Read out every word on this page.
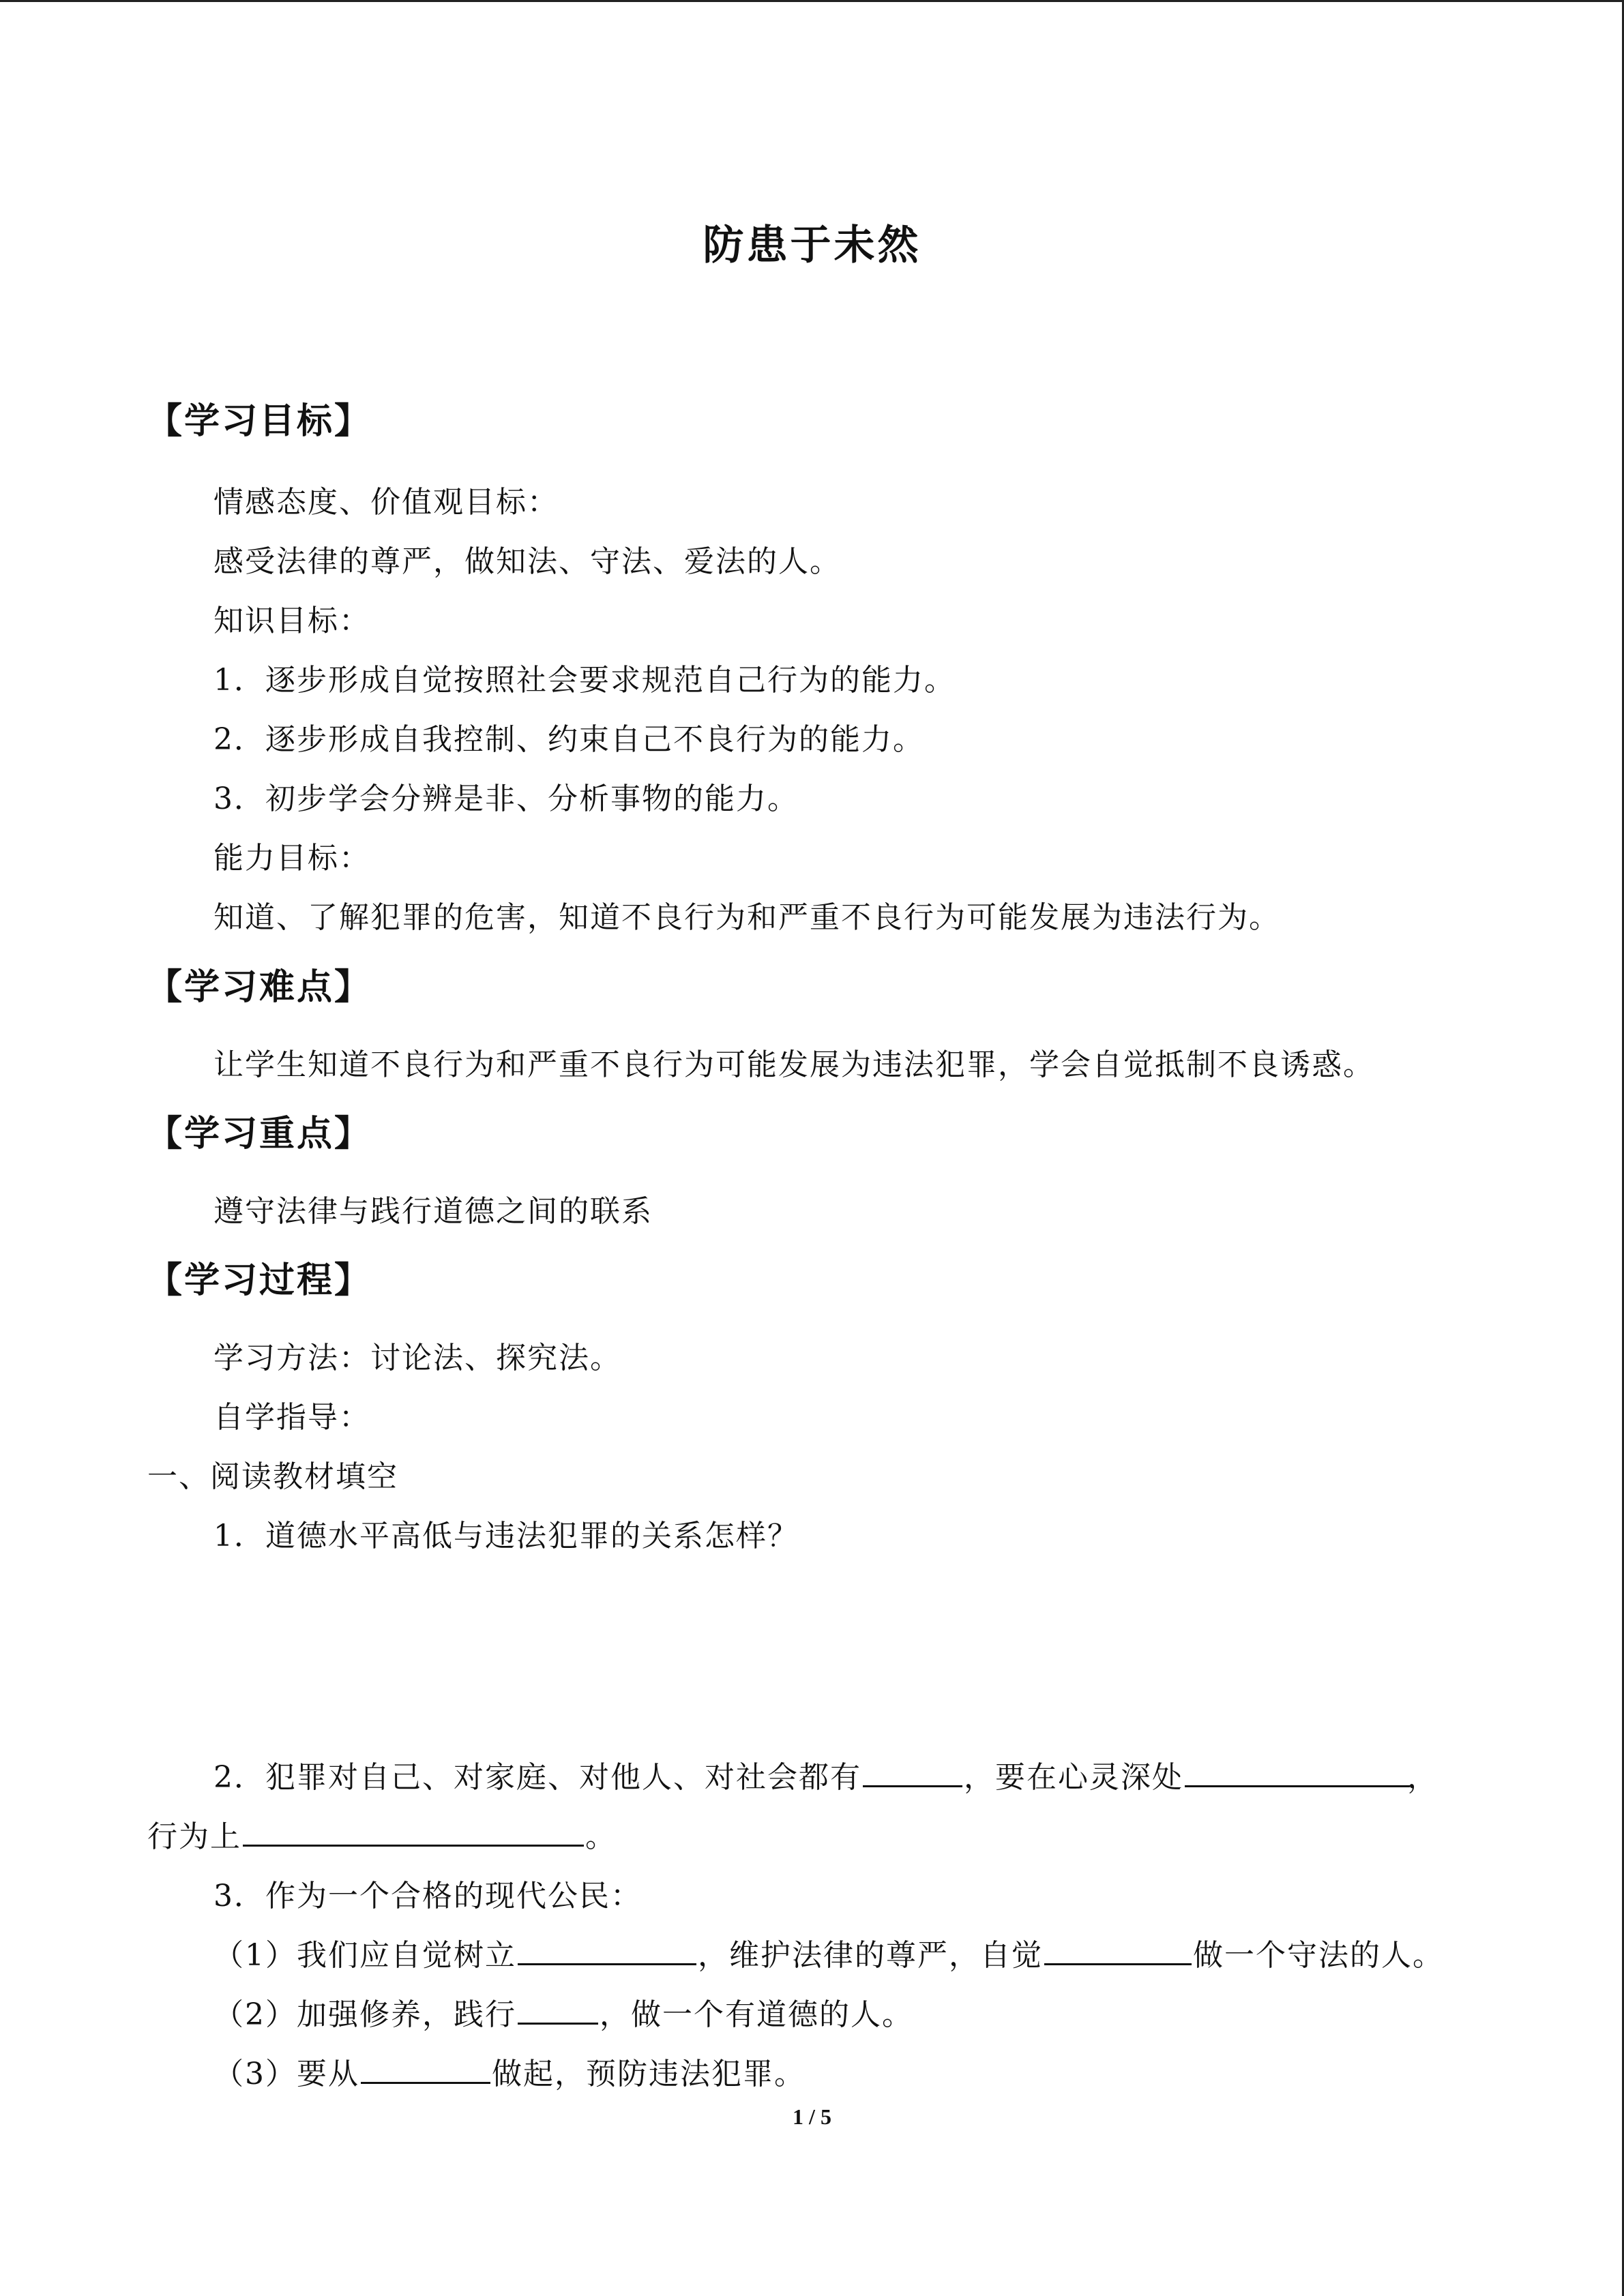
防患于未然
【学习目标】
情感态度、价值观目标：
感受法律的尊严，做知法、守法、爱法的人。
知识目标：
1．逐步形成自觉按照社会要求规范自己行为的能力。
2．逐步形成自我控制、约束自己不良行为的能力。
3．初步学会分辨是非、分析事物的能力。
能力目标：
知道、了解犯罪的危害，知道不良行为和严重不良行为可能发展为违法行为。
【学习难点】
让学生知道不良行为和严重不良行为可能发展为违法犯罪，学会自觉抵制不良诱惑。
【学习重点】
遵守法律与践行道德之间的联系
【学习过程】
学习方法：讨论法、探究法。
自学指导：
一、阅读教材填空
1．道德水平高低与违法犯罪的关系怎样？
2．犯罪对自己、对家庭、对他人、对社会都有	，要在心灵深处	，
行为上	。
3．作为一个合格的现代公民：
（1）我们应自觉树立	，维护法律的尊严，自觉	做一个守法的人。
（2）加强修养，践行	，做一个有道德的人。
（3）要从	做起，预防违法犯罪。
1 / 5
